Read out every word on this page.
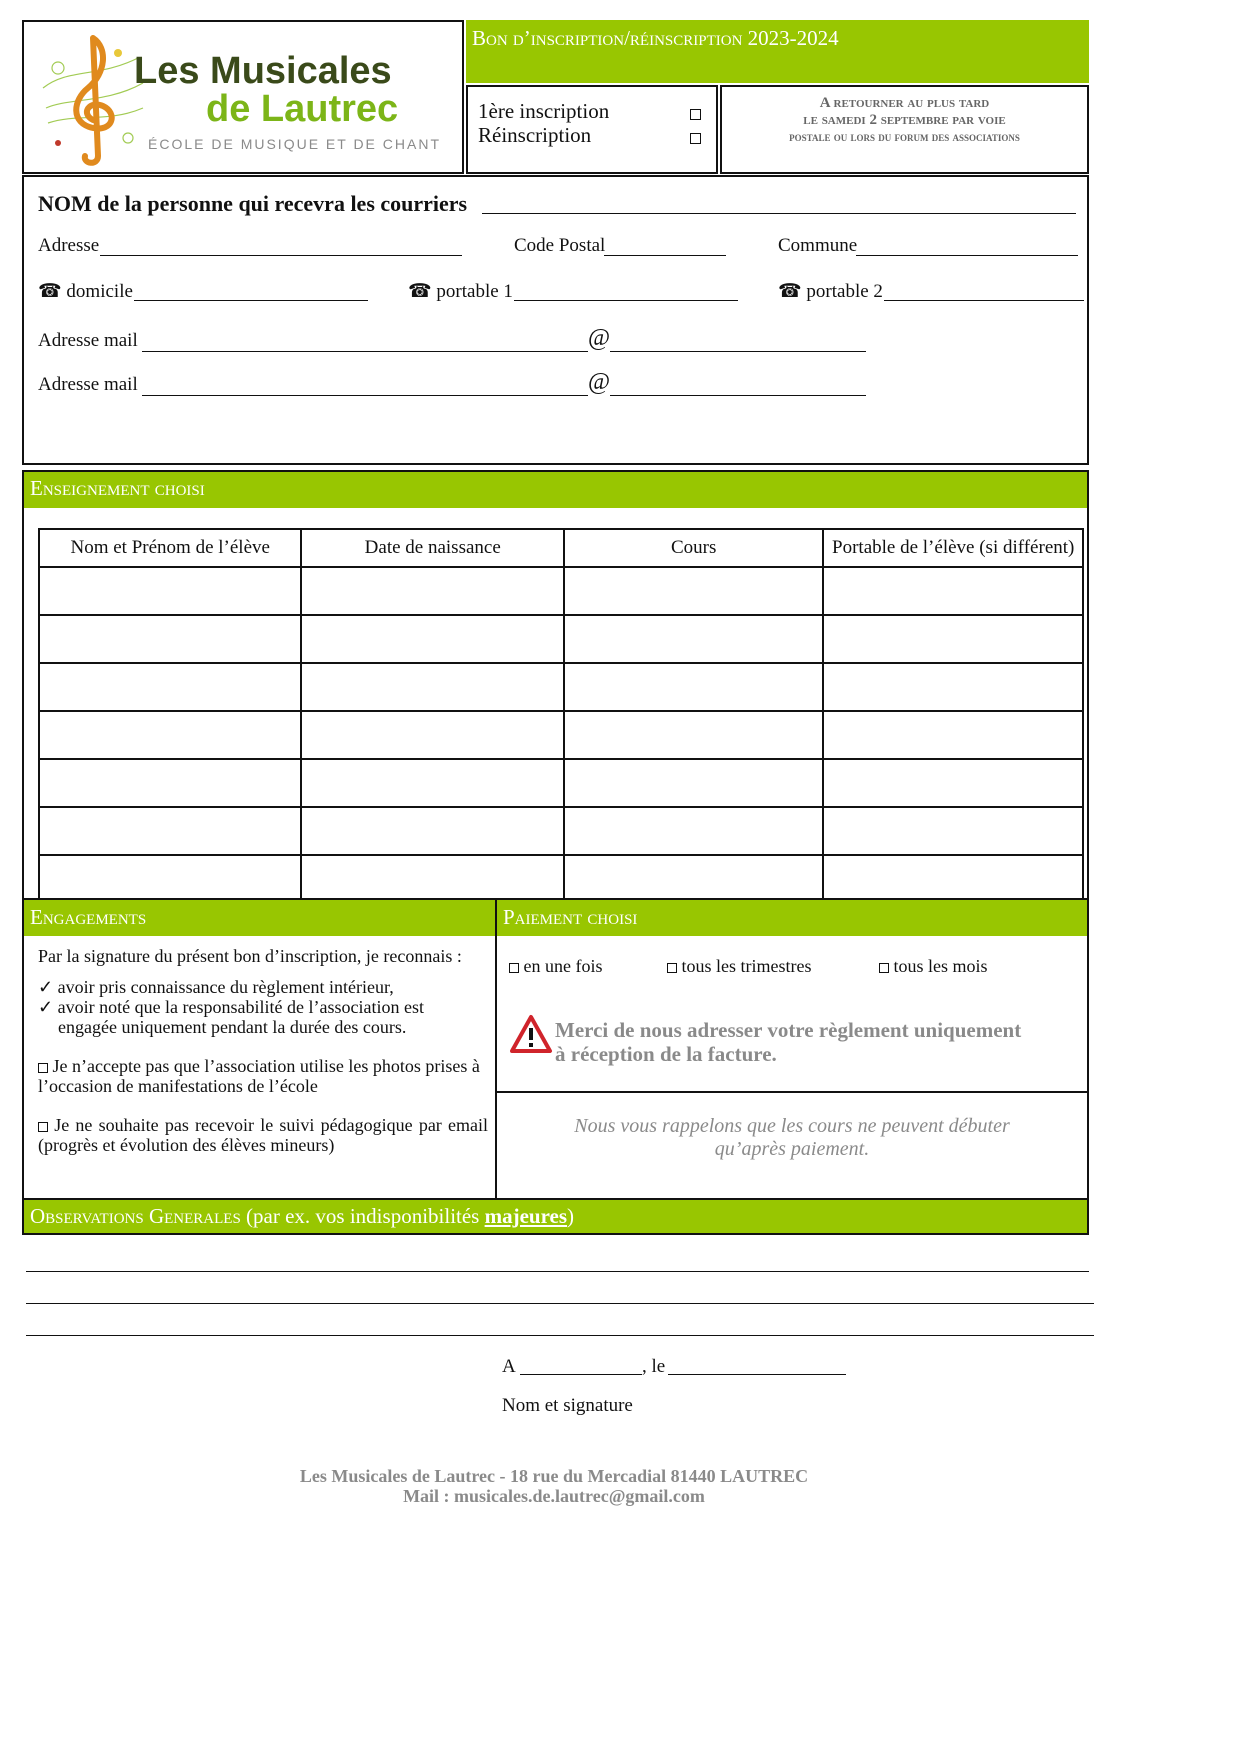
Les Musicales
de Lautrec
ÉCOLE DE MUSIQUE ET DE CHANT
Bon d’inscription/réinscription 2023-2024
1ère inscription
Réinscription
A retourner au plus tard
le samedi 2 septembre par voie
postale ou lors du forum des associations
NOM de la personne qui recevra les courriers
Adresse	Code Postal	Commune
☎ domicile	☎ portable 1	☎ portable 2
Adresse mail	@
Adresse mail	@
Enseignement choisi
Nom et Prénom de l’élève	Date de naissance	Cours	Portable de l’élève (si différent)

Engagements
Par la signature du présent bon d’inscription, je reconnais :
✓ avoir pris connaissance du règlement intérieur,
✓ avoir noté que la responsabilité de l’association est
engagée uniquement pendant la durée des cours.
Je n’accepte pas que l’association utilise les photos prises à l’occasion de manifestations de l’école
Je ne souhaite pas recevoir le suivi pédagogique par email (progrès et évolution des élèves mineurs)
Paiement choisi
en une fois	tous les trimestres	tous les mois
Merci de nous adresser votre règlement uniquement
à réception de la facture.
Nous vous rappelons que les cours ne peuvent débuter
qu’après paiement.
Observations Generales (par ex. vos indisponibilités majeures)
A	, le
Nom et signature
Les Musicales de Lautrec - 18 rue du Mercadial 81440 LAUTREC
Mail : musicales.de.lautrec@gmail.com
